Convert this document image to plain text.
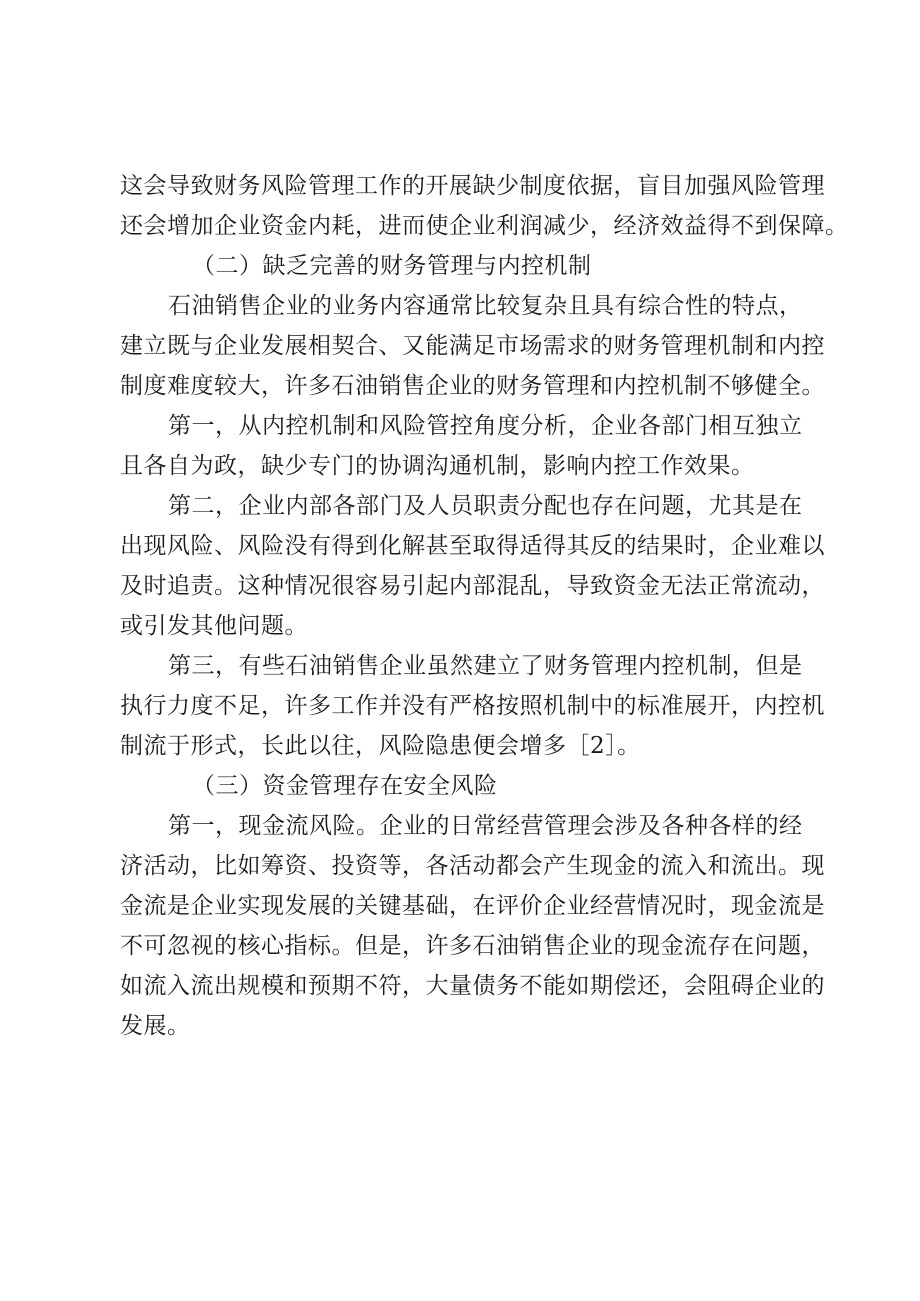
这会导致财务风险管理工作的开展缺少制度依据，盲目加强风险管理
还会增加企业资金内耗，进而使企业利润减少，经济效益得不到保障。
（二）缺乏完善的财务管理与内控机制
石油销售企业的业务内容通常比较复杂且具有综合性的特点，
建立既与企业发展相契合、又能满足市场需求的财务管理机制和内控
制度难度较大，许多石油销售企业的财务管理和内控机制不够健全。
第一，从内控机制和风险管控角度分析，企业各部门相互独立
且各自为政，缺少专门的协调沟通机制，影响内控工作效果。
第二，企业内部各部门及人员职责分配也存在问题，尤其是在
出现风险、风险没有得到化解甚至取得适得其反的结果时，企业难以
及时追责。这种情况很容易引起内部混乱，导致资金无法正常流动，
或引发其他问题。
第三，有些石油销售企业虽然建立了财务管理内控机制，但是
执行力度不足，许多工作并没有严格按照机制中的标准展开，内控机
制流于形式，长此以往，风险隐患便会增多［2］。
（三）资金管理存在安全风险
第一，现金流风险。企业的日常经营管理会涉及各种各样的经
济活动，比如筹资、投资等，各活动都会产生现金的流入和流出。现
金流是企业实现发展的关键基础，在评价企业经营情况时，现金流是
不可忽视的核心指标。但是，许多石油销售企业的现金流存在问题，
如流入流出规模和预期不符，大量债务不能如期偿还，会阻碍企业的
发展。
